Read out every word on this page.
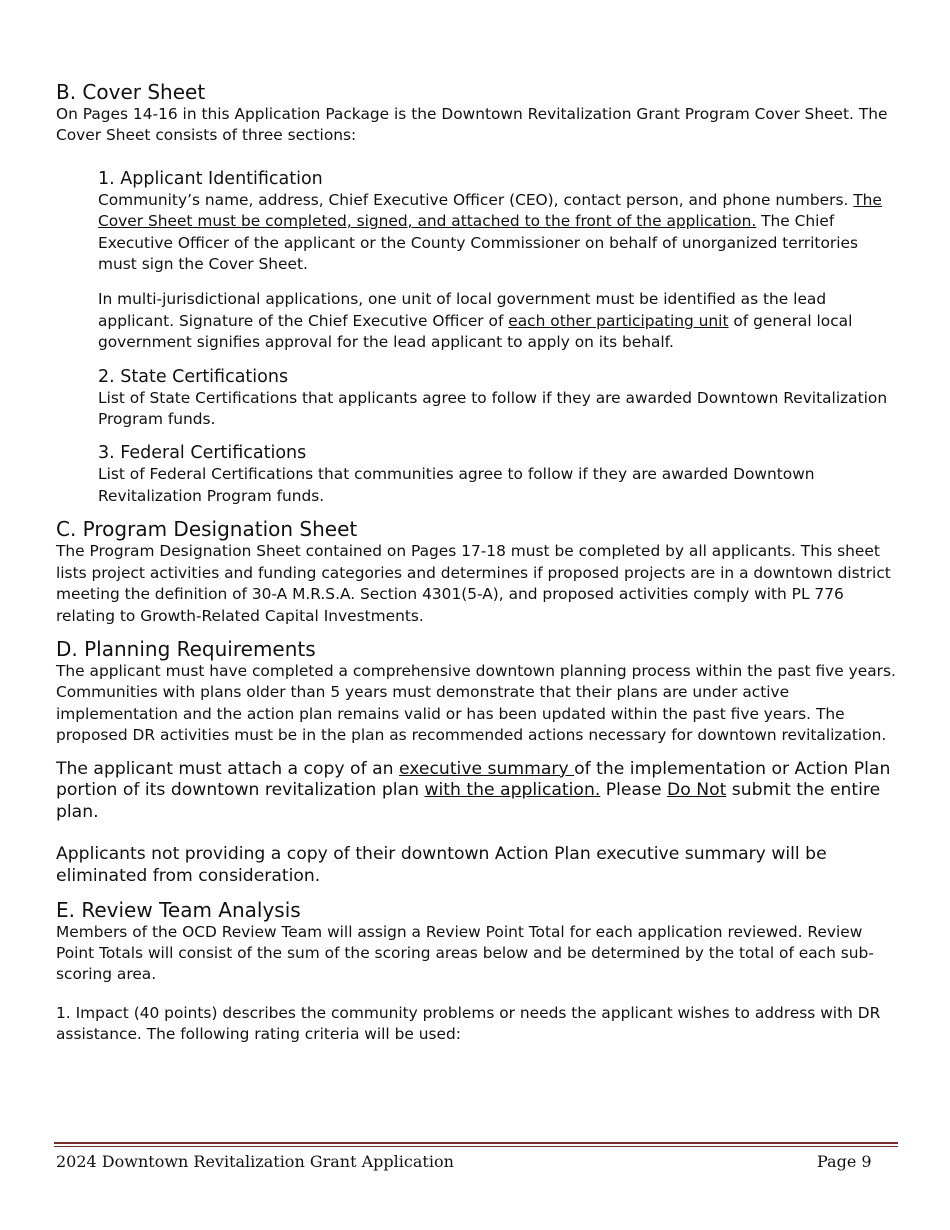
B. Cover Sheet

On Pages 14-16 in this Application Package is the Downtown Revitalization Grant Program Cover Sheet. The Cover Sheet consists of three sections:

1. Applicant Identification

Community’s name, address, Chief Executive Officer (CEO), contact person, and phone numbers. The Cover Sheet must be completed, signed, and attached to the front of the application. The Chief Executive Officer of the applicant or the County Commissioner on behalf of unorganized territories must sign the Cover Sheet.

In multi-jurisdictional applications, one unit of local government must be identified as the lead applicant. Signature of the Chief Executive Officer of each other participating unit of general local government signifies approval for the lead applicant to apply on its behalf.

2. State Certifications

List of State Certifications that applicants agree to follow if they are awarded Downtown Revitalization Program funds.

3. Federal Certifications

List of Federal Certifications that communities agree to follow if they are awarded Downtown Revitalization Program funds.

C. Program Designation Sheet

The Program Designation Sheet contained on Pages 17-18 must be completed by all applicants. This sheet lists project activities and funding categories and determines if proposed projects are in a downtown district meeting the definition of 30-A M.R.S.A. Section 4301(5-A), and proposed activities comply with PL 776 relating to Growth-Related Capital Investments.

D. Planning Requirements

The applicant must have completed a comprehensive downtown planning process within the past five years. Communities with plans older than 5 years must demonstrate that their plans are under active implementation and the action plan remains valid or has been updated within the past five years. The proposed DR activities must be in the plan as recommended actions necessary for downtown revitalization.

The applicant must attach a copy of an executive summary of the implementation or Action Plan portion of its downtown revitalization plan with the application. Please Do Not submit the entire plan.

Applicants not providing a copy of their downtown Action Plan executive summary will be eliminated from consideration.

E. Review Team Analysis

Members of the OCD Review Team will assign a Review Point Total for each application reviewed. Review Point Totals will consist of the sum of the scoring areas below and be determined by the total of each sub-scoring area.

1. Impact (40 points) describes the community problems or needs the applicant wishes to address with DR assistance. The following rating criteria will be used:

2024 Downtown Revitalization Grant Application	Page 9
